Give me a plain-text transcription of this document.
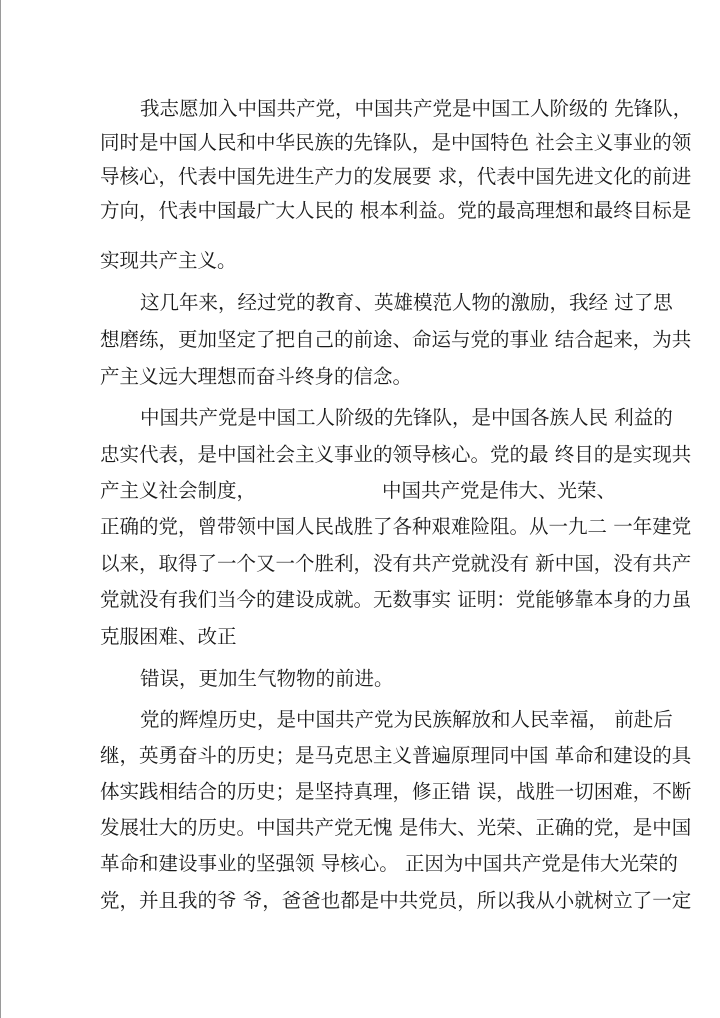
我志愿加入中国共产党，中国共产党是中国工人阶级的 先锋队，
同时是中国人民和中华民族的先锋队，是中国特色 社会主义事业的领
导核心，代表中国先进生产力的发展要 求，代表中国先进文化的前进
方向，代表中国最广大人民的 根本利益。党的最高理想和最终目标是
实现共产主义。
这几年来，经过党的教育、英雄模范人物的激励，我经 过了思
想磨练，更加坚定了把自己的前途、命运与党的事业 结合起来，为共
产主义远大理想而奋斗终身的信念。
中国共产党是中国工人阶级的先锋队，是中国各族人民 利益的
忠实代表，是中国社会主义事业的领导核心。党的最 终目的是实现共
产主义社会制度，	中国共产党是伟大、光荣、
正确的党，曾带领中国人民战胜了各种艰难险阻。从一九二 一年建党
以来，取得了一个又一个胜利，没有共产党就没有 新中国，没有共产
党就没有我们当今的建设成就。无数事实 证明：党能够靠本身的力虽
克服困难、改正
错误，更加生气物物的前进。
党的辉煌历史，是中国共产党为民族解放和人民幸福， 前赴后
继，英勇奋斗的历史；是马克思主义普遍原理同中国 革命和建设的具
体实践相结合的历史；是坚持真理，修正错 误，战胜一切困难，不断
发展壮大的历史。中国共产党无愧 是伟大、光荣、正确的党，是中国
革命和建设事业的坚强领 导核心。 正因为中国共产党是伟大光荣的
党，并且我的爷 爷，爸爸也都是中共党员，所以我从小就树立了一定
